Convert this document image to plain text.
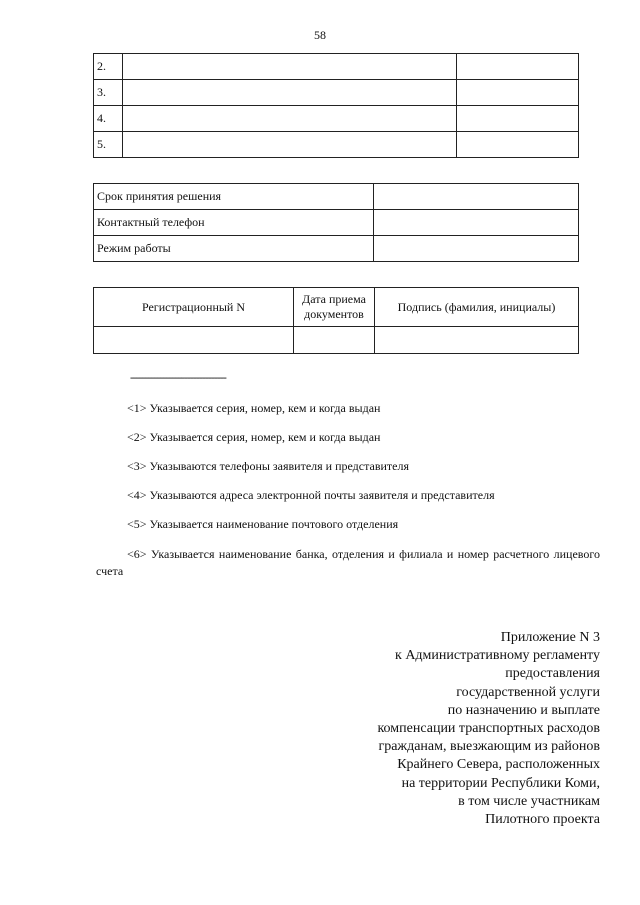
58
2.		
3.		
4.		
5.		
Срок принятия решения	
Контактный телефон	
Режим работы	
Регистрационный N	Дата приема документов	Подпись (фамилия, инициалы)

--------------------------------
<1> Указывается серия, номер, кем и когда выдан
<2> Указывается серия, номер, кем и когда выдан
<3> Указываются телефоны заявителя и представителя
<4> Указываются адреса электронной почты заявителя и представителя
<5> Указывается наименование почтового отделения
<6> Указывается наименование банка, отделения и филиала и номер расчетного лицевого счета
Приложение N 3
к Административному регламенту
предоставления
государственной услуги
по назначению и выплате
компенсации транспортных расходов
гражданам, выезжающим из районов
Крайнего Севера, расположенных
на территории Республики Коми,
в том числе участникам
Пилотного проекта
